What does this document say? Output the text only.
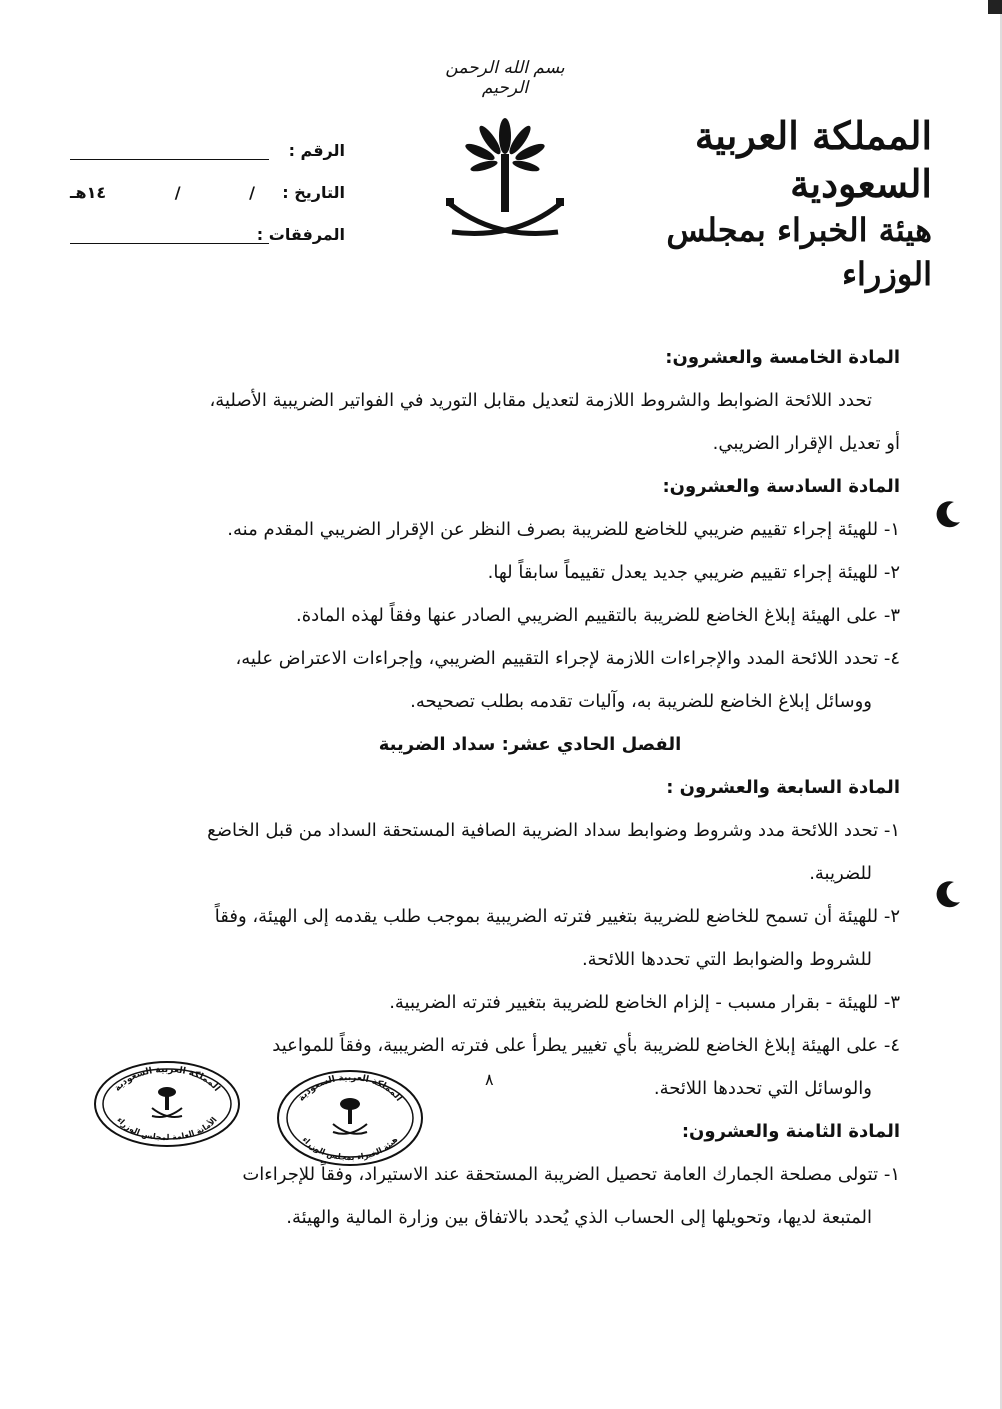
بسم الله الرحمن الرحيم
المملكة العربية السعودية
هيئة الخبراء بمجلس الوزراء
الرقم :
التاريخ :
/
/
١٤هـ
المرفقات :
المادة الخامسة والعشرون:
تحدد اللائحة الضوابط والشروط اللازمة لتعديل مقابل التوريد في الفواتير الضريبية الأصلية،
أو تعديل الإقرار الضريبي.
المادة السادسة والعشرون:
١- للهيئة إجراء تقييم ضريبي للخاضع للضريبة بصرف النظر عن الإقرار الضريبي المقدم منه.
٢- للهيئة إجراء تقييم ضريبي جديد يعدل تقييماً سابقاً لها.
٣- على الهيئة إبلاغ الخاضع للضريبة بالتقييم الضريبي الصادر عنها وفقاً لهذه المادة.
٤- تحدد اللائحة المدد والإجراءات اللازمة لإجراء التقييم الضريبي، وإجراءات الاعتراض عليه،
ووسائل إبلاغ الخاضع للضريبة به، وآليات تقدمه بطلب تصحيحه.
الفصل الحادي عشر: سداد الضريبة
المادة السابعة والعشرون :
١- تحدد اللائحة مدد وشروط وضوابط سداد الضريبة الصافية المستحقة السداد من قبل الخاضع
للضريبة.
٢- للهيئة أن تسمح للخاضع للضريبة بتغيير فترته الضريبية بموجب طلب يقدمه إلى الهيئة، وفقاً
للشروط والضوابط التي تحددها اللائحة.
٣- للهيئة - بقرار مسبب - إلزام الخاضع للضريبة بتغيير فترته الضريبية.
٤- على الهيئة إبلاغ الخاضع للضريبة بأي تغيير يطرأ على فترته الضريبية، وفقاً للمواعيد
والوسائل التي تحددها اللائحة.
المادة الثامنة والعشرون:
١- تتولى مصلحة الجمارك العامة تحصيل الضريبة المستحقة عند الاستيراد، وفقاً للإجراءات
المتبعة لديها، وتحويلها إلى الحساب الذي يُحدد بالاتفاق بين وزارة المالية والهيئة.
٨
المملكة العربية السعودية
الأمانة العامة لمجلس الوزراء
المملكة العربية السعودية
هيئة الخبراء بمجلس الوزراء
